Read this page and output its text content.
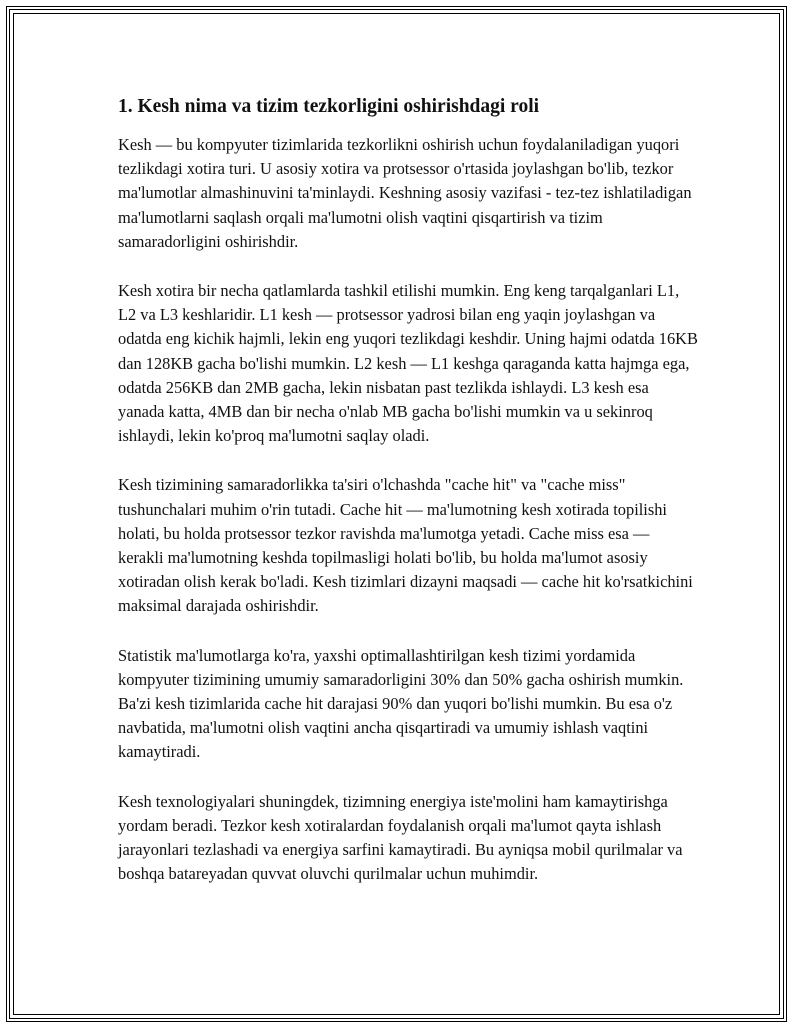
1. Kesh nima va tizim tezkorligini oshirishdagi roli

Kesh — bu kompyuter tizimlarida tezkorlikni oshirish uchun foydalaniladigan yuqori tezlikdagi xotira turi. U asosiy xotira va protsessor o'rtasida joylashgan bo'lib, tezkor ma'lumotlar almashinuvini ta'minlaydi. Keshning asosiy vazifasi - tez-tez ishlatiladigan ma'lumotlarni saqlash orqali ma'lumotni olish vaqtini qisqartirish va tizim samaradorligini oshirishdir.

Kesh xotira bir necha qatlamlarda tashkil etilishi mumkin. Eng keng tarqalganlari L1, L2 va L3 keshlaridir. L1 kesh — protsessor yadrosi bilan eng yaqin joylashgan va odatda eng kichik hajmli, lekin eng yuqori tezlikdagi keshdir. Uning hajmi odatda 16KB dan 128KB gacha bo'lishi mumkin. L2 kesh — L1 keshga qaraganda katta hajmga ega, odatda 256KB dan 2MB gacha, lekin nisbatan past tezlikda ishlaydi. L3 kesh esa yanada katta, 4MB dan bir necha o'nlab MB gacha bo'lishi mumkin va u sekinroq ishlaydi, lekin ko'proq ma'lumotni saqlay oladi.

Kesh tizimining samaradorlikka ta'siri o'lchashda "cache hit" va "cache miss" tushunchalari muhim o'rin tutadi. Cache hit — ma'lumotning kesh xotirada topilishi holati, bu holda protsessor tezkor ravishda ma'lumotga yetadi. Cache miss esa — kerakli ma'lumotning keshda topilmasligi holati bo'lib, bu holda ma'lumot asosiy xotiradan olish kerak bo'ladi. Kesh tizimlari dizayni maqsadi — cache hit ko'rsatkichini maksimal darajada oshirishdir.

Statistik ma'lumotlarga ko'ra, yaxshi optimallashtirilgan kesh tizimi yordamida kompyuter tizimining umumiy samaradorligini 30% dan 50% gacha oshirish mumkin. Ba'zi kesh tizimlarida cache hit darajasi 90% dan yuqori bo'lishi mumkin. Bu esa o'z navbatida, ma'lumotni olish vaqtini ancha qisqartiradi va umumiy ishlash vaqtini kamaytiradi.

Kesh texnologiyalari shuningdek, tizimning energiya iste'molini ham kamaytirishga yordam beradi. Tezkor kesh xotiralardan foydalanish orqali ma'lumot qayta ishlash jarayonlari tezlashadi va energiya sarfini kamaytiradi. Bu ayniqsa mobil qurilmalar va boshqa batareyadan quvvat oluvchi qurilmalar uchun muhimdir.
